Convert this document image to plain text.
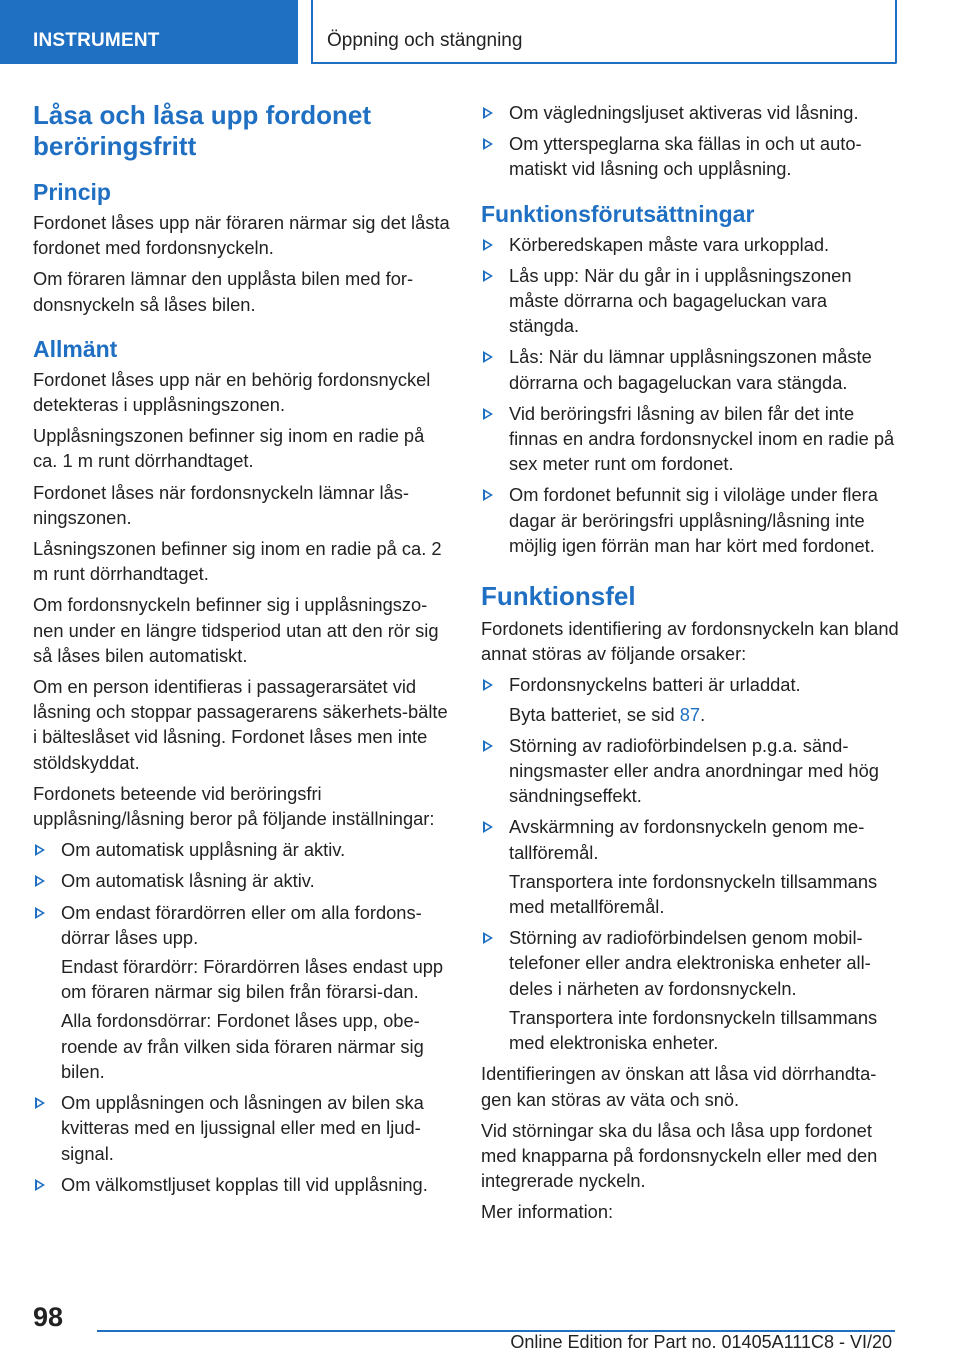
INSTRUMENT	Öppning och stängning
Låsa och låsa upp fordonet beröringsfritt
Princip

Fordonet låses upp när föraren närmar sig det låsta fordonet med fordonsnyckeln.

Om föraren lämnar den upplåsta bilen med for-donsnyckeln så låses bilen.

Allmänt

Fordonet låses upp när en behörig fordonsnyckel detekteras i upplåsningszonen.

Upplåsningszonen befinner sig inom en radie på ca. 1 m runt dörrhandtaget.

Fordonet låses när fordonsnyckeln lämnar lås-ningszonen.

Låsningszonen befinner sig inom en radie på ca. 2 m runt dörrhandtaget.

Om fordonsnyckeln befinner sig i upplåsningszo-nen under en längre tidsperiod utan att den rör sig så låses bilen automatiskt.

Om en person identifieras i passagerarsätet vid låsning och stoppar passagerarens säkerhets-bälte i bälteslåset vid låsning. Fordonet låses men inte stöldskyddat.

Fordonets beteende vid beröringsfri upplåsning/låsning beror på följande inställningar:

Om automatisk upplåsning är aktiv.
Om automatisk låsning är aktiv.
Om endast förardörren eller om alla fordons-dörrar låses upp.

Endast förardörr: Förardörren låses endast upp om föraren närmar sig bilen från förarsi-dan.

Alla fordonsdörrar: Fordonet låses upp, obe-roende av från vilken sida föraren närmar sig bilen.

Om upplåsningen och låsningen av bilen ska kvitteras med en ljussignal eller med en ljud-signal.
Om välkomstljuset kopplas till vid upplåsning.
Om vägledningsljuset aktiveras vid låsning.
Om ytterspeglarna ska fällas in och ut auto-matiskt vid låsning och upplåsning.
Funktionsförutsättningar
Körberedskapen måste vara urkopplad.
Lås upp: När du går in i upplåsningszonen måste dörrarna och bagageluckan vara stängda.
Lås: När du lämnar upplåsningszonen måste dörrarna och bagageluckan vara stängda.
Vid beröringsfri låsning av bilen får det inte finnas en andra fordonsnyckel inom en radie på sex meter runt om fordonet.
Om fordonet befunnit sig i viloläge under flera dagar är beröringsfri upplåsning/låsning inte möjlig igen förrän man har kört med fordonet.
Funktionsfel

Fordonets identifiering av fordonsnyckeln kan bland annat störas av följande orsaker:

Fordonsnyckelns batteri är urladdat.

Byta batteriet, se sid 87.

Störning av radioförbindelsen p.g.a. sänd-ningsmaster eller andra anordningar med hög sändningseffekt.
Avskärmning av fordonsnyckeln genom me-tallföremål.

Transportera inte fordonsnyckeln tillsammans med metallföremål.

Störning av radioförbindelsen genom mobil-telefoner eller andra elektroniska enheter all-deles i närheten av fordonsnyckeln.

Transportera inte fordonsnyckeln tillsammans med elektroniska enheter.

Identifieringen av önskan att låsa vid dörrhandta-gen kan störas av väta och snö.

Vid störningar ska du låsa och låsa upp fordonet med knapparna på fordonsnyckeln eller med den integrerade nyckeln.

Mer information:

98
Online Edition for Part no. 01405A111C8 - VI/20
